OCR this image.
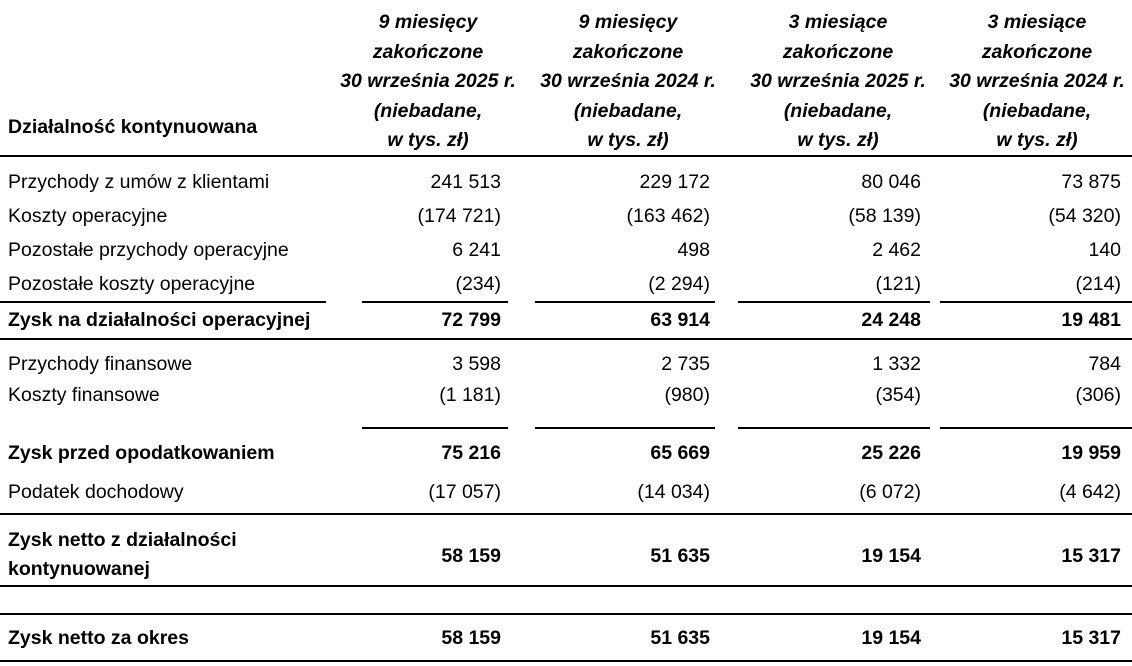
9 miesięcy
zakończone
30 września 2025 r.
(niebadane,
w tys. zł)
9 miesięcy
zakończone
30 września 2024 r.
(niebadane,
w tys. zł)
3 miesiące
zakończone
30 września 2025 r.
(niebadane,
w tys. zł)
3 miesiące
zakończone
30 września 2024 r.
(niebadane,
w tys. zł)
Działalność kontynuowana
Przychody z umów z klientami	241 513	229 172	80 046	73 875
Koszty operacyjne	(174 721)	(163 462)	(58 139)	(54 320)
Pozostałe przychody operacyjne	6 241	498	2 462	140
Pozostałe koszty operacyjne	(234)	(2 294)	(121)	(214)
Zysk na działalności operacyjnej	72 799	63 914	24 248	19 481
Przychody finansowe	3 598	2 735	1 332	784
Koszty finansowe	(1 181)	(980)	(354)	(306)
Zysk przed opodatkowaniem	75 216	65 669	25 226	19 959
Podatek dochodowy	(17 057)	(14 034)	(6 072)	(4 642)
Zysk netto z działalności
kontynuowanej
58 159	51 635	19 154	15 317
Zysk netto za okres	58 159	51 635	19 154	15 317
